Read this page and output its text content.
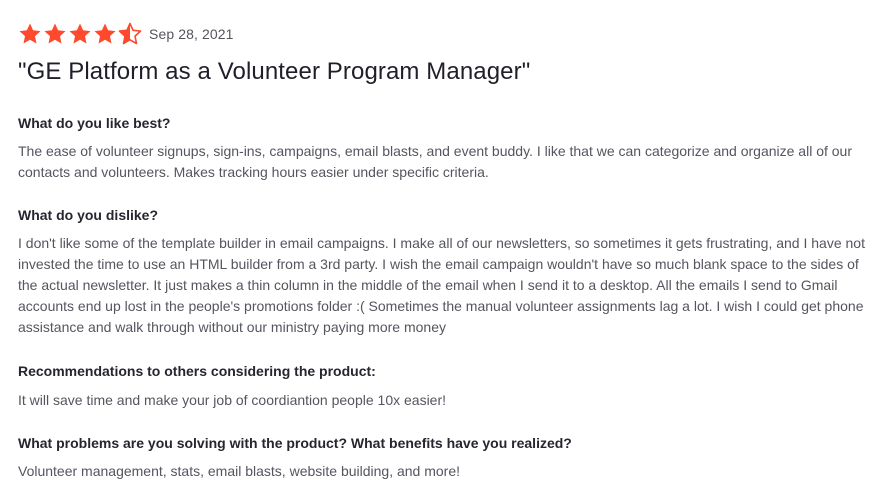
Sep 28, 2021
"GE Platform as a Volunteer Program Manager"

What do you like best?

The ease of volunteer signups, sign-ins, campaigns, email blasts, and event buddy. I like that we can categorize and organize all of our contacts and volunteers. Makes tracking hours easier under specific criteria.

What do you dislike?

I don't like some of the template builder in email campaigns. I make all of our newsletters, so sometimes it gets frustrating, and I have not invested the time to use an HTML builder from a 3rd party. I wish the email campaign wouldn't have so much blank space to the sides of the actual newsletter. It just makes a thin column in the middle of the email when I send it to a desktop. All the emails I send to Gmail accounts end up lost in the people's promotions folder :( Sometimes the manual volunteer assignments lag a lot. I wish I could get phone assistance and walk through without our ministry paying more money

Recommendations to others considering the product:

It will save time and make your job of coordiantion people 10x easier!

What problems are you solving with the product? What benefits have you realized?

Volunteer management, stats, email blasts, website building, and more!
